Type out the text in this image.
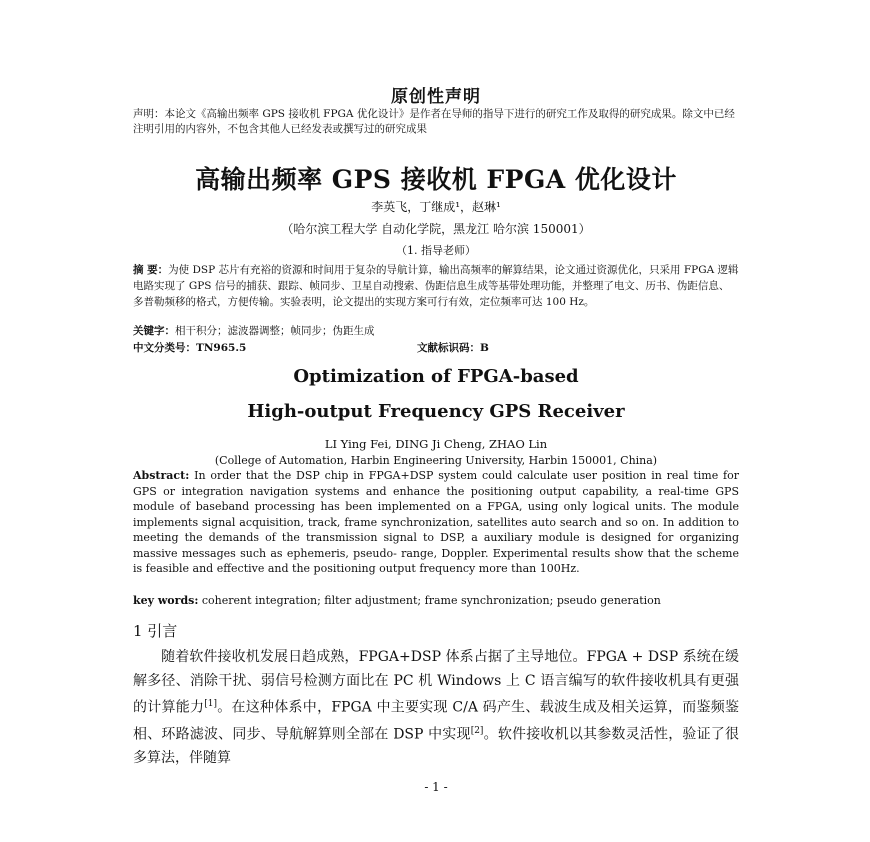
原创性声明
声明：本论文《高输出频率 GPS 接收机 FPGA 优化设计》是作者在导师的指导下进行的研究工作及取得的研究成果。除文中已经注明引用的内容外，不包含其他人已经发表或撰写过的研究成果
高输出频率 GPS 接收机 FPGA 优化设计
李英飞，丁继成¹，赵琳¹
（哈尔滨工程大学 自动化学院，黑龙江 哈尔滨 150001）
（1. 指导老师）
摘 要：为使 DSP 芯片有充裕的资源和时间用于复杂的导航计算，输出高频率的解算结果，论文通过资源优化，只采用 FPGA 逻辑电路实现了 GPS 信号的捕获、跟踪、帧同步、卫星自动搜索、伪距信息生成等基带处理功能，并整理了电文、历书、伪距信息、多普勒频移的格式，方便传输。实验表明，论文提出的实现方案可行有效，定位频率可达 100 Hz。
关键字：相干积分；滤波器调整；帧同步；伪距生成
中文分类号：TN965.5	文献标识码：B
Optimization of FPGA-based
High-output Frequency GPS Receiver
LI Ying Fei, DING Ji Cheng, ZHAO Lin
(College of Automation, Harbin Engineering University, Harbin 150001, China)
Abstract: In order that the DSP chip in FPGA+DSP system could calculate user position in real time for GPS or integration navigation systems and enhance the positioning output capability, a real-time GPS module of baseband processing has been implemented on a FPGA, using only logical units. The module implements signal acquisition, track, frame synchronization, satellites auto search and so on. In addition to meeting the demands of the transmission signal to DSP, a auxiliary module is designed for organizing massive messages such as ephemeris, pseudo- range, Doppler. Experimental results show that the scheme is feasible and effective and the positioning output frequency more than 100Hz.
key words: coherent integration; filter adjustment; frame synchronization; pseudo generation
1 引言
随着软件接收机发展日趋成熟，FPGA+DSP 体系占据了主导地位。FPGA + DSP 系统在缓解多径、消除干扰、弱信号检测方面比在 PC 机 Windows 上 C 语言编写的软件接收机具有更强的计算能力[1]。在这种体系中，FPGA 中主要实现 C/A 码产生、载波生成及相关运算，而鉴频鉴相、环路滤波、同步、导航解算则全部在 DSP 中实现[2]。软件接收机以其参数灵活性，验证了很多算法，伴随算
- 1 -
